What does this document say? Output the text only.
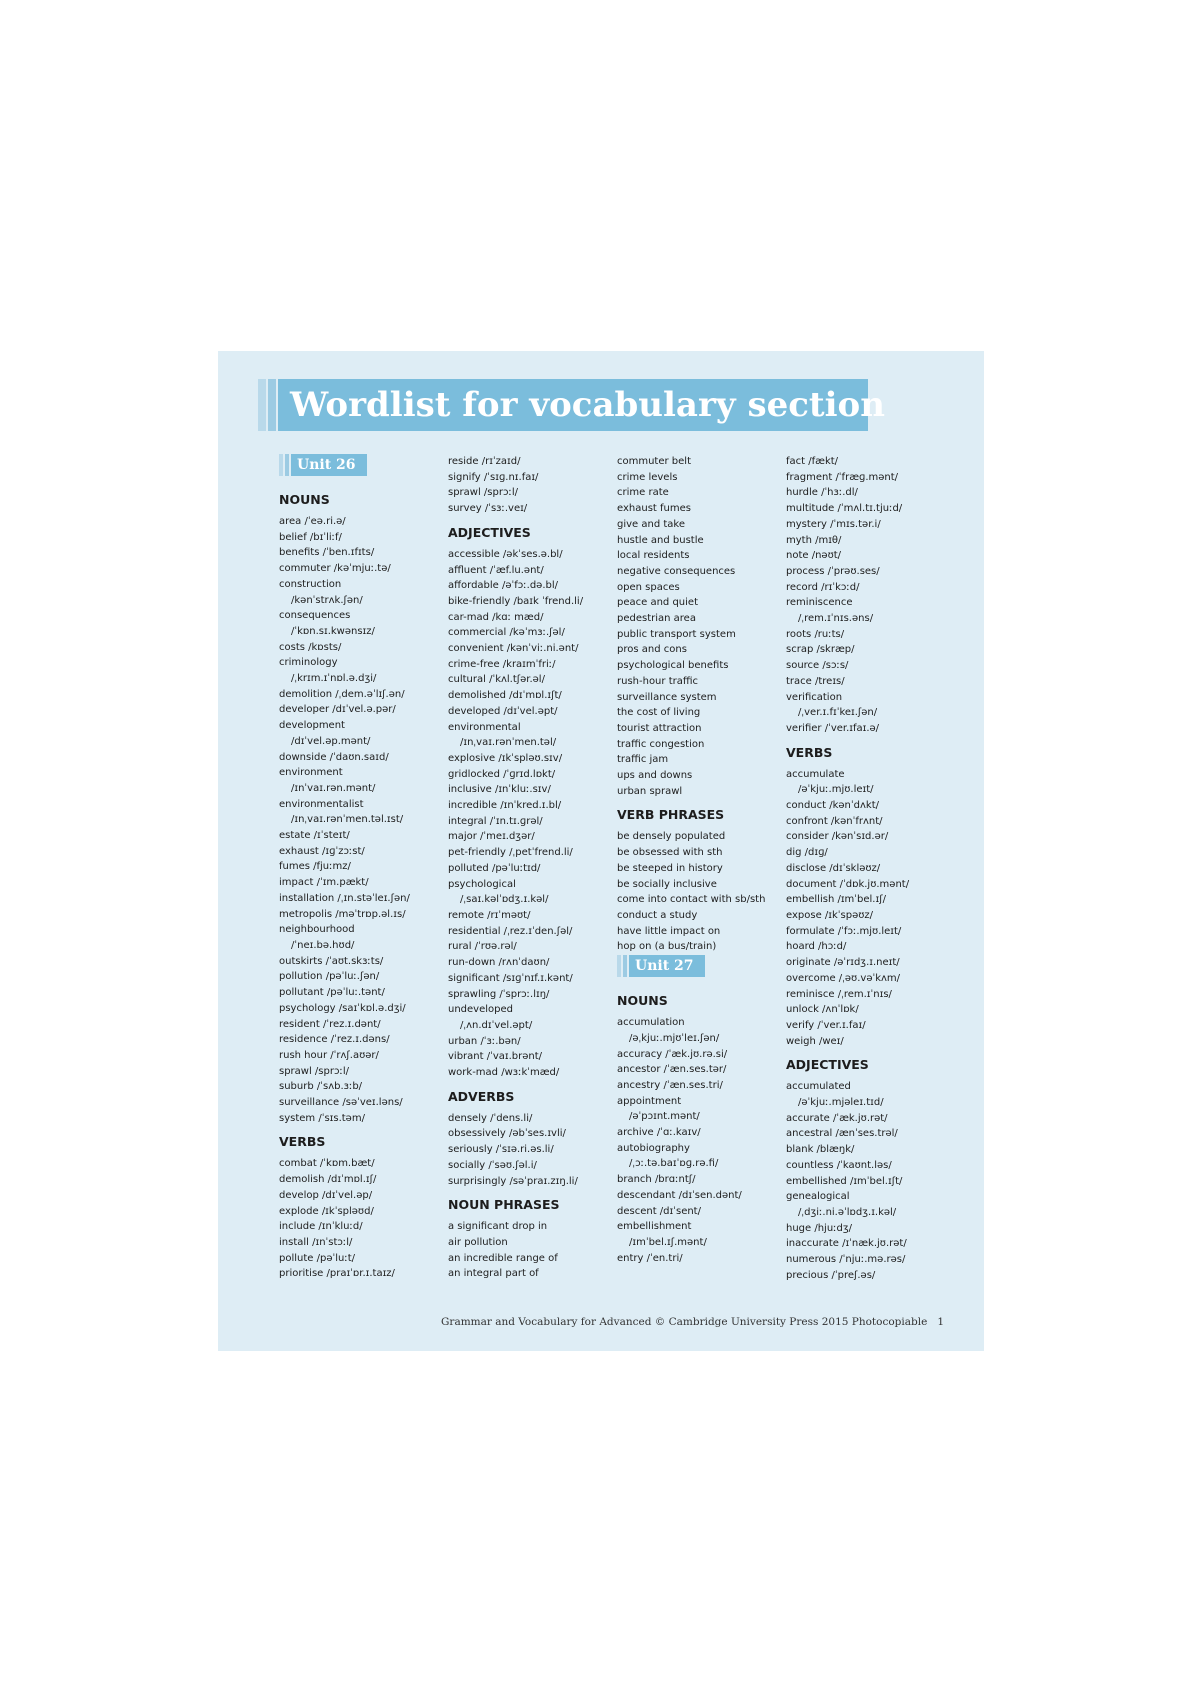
Wordlist for vocabulary section
Unit 26
NOUNS
area /ˈeə.ri.ə/
belief /bɪˈliːf/
benefits /ˈben.ɪfɪts/
commuter /kəˈmjuː.tə/
construction
/kənˈstrʌk.ʃən/
consequences
/ˈkɒn.sɪ.kwənsɪz/
costs /kɒsts/
criminology
/ˌkrɪm.ɪˈnɒl.ə.dʒi/
demolition /ˌdem.əˈlɪʃ.ən/
developer /dɪˈvel.ə.pər/
development
/dɪˈvel.əp.mənt/
downside /ˈdaʊn.saɪd/
environment
/ɪnˈvaɪ.rən.mənt/
environmentalist
/ɪnˌvaɪ.rənˈmen.təl.ɪst/
estate /ɪˈsteɪt/
exhaust /ɪɡˈzɔːst/
fumes /fjuːmz/
impact /ˈɪm.pækt/
installation /ˌɪn.stəˈleɪ.ʃən/
metropolis /məˈtrɒp.əl.ɪs/
neighbourhood
/ˈneɪ.bə.hʊd/
outskirts /ˈaʊt.skɜːts/
pollution /pəˈluː.ʃən/
pollutant /pəˈluː.tənt/
psychology /saɪˈkɒl.ə.dʒi/
resident /ˈrez.ɪ.dənt/
residence /ˈrez.ɪ.dəns/
rush hour /ˈrʌʃ.aʊər/
sprawl /sprɔːl/
suburb /ˈsʌb.ɜːb/
surveillance /səˈveɪ.ləns/
system /ˈsɪs.təm/
VERBS
combat /ˈkɒm.bæt/
demolish /dɪˈmɒl.ɪʃ/
develop /dɪˈvel.əp/
explode /ɪkˈspləʊd/
include /ɪnˈkluːd/
install /ɪnˈstɔːl/
pollute /pəˈluːt/
prioritise /praɪˈɒr.ɪ.taɪz/
reside /rɪˈzaɪd/
signify /ˈsɪɡ.nɪ.faɪ/
sprawl /sprɔːl/
survey /ˈsɜː.veɪ/
ADJECTIVES
accessible /əkˈses.ə.bl/
affluent /ˈæf.lu.ənt/
affordable /əˈfɔː.də.bl/
bike-friendly /baɪk ˈfrend.li/
car-mad /kɑː mæd/
commercial /kəˈmɜː.ʃəl/
convenient /kənˈviː.ni.ənt/
crime-free /kraɪmˈfriː/
cultural /ˈkʌl.tʃər.əl/
demolished /dɪˈmɒl.ɪʃt/
developed /dɪˈvel.əpt/
environmental
/ɪnˌvaɪ.rənˈmen.təl/
explosive /ɪkˈspləʊ.sɪv/
gridlocked /ˈɡrɪd.lɒkt/
inclusive /ɪnˈkluː.sɪv/
incredible /ɪnˈkred.ɪ.bl/
integral /ˈɪn.tɪ.ɡrəl/
major /ˈmeɪ.dʒər/
pet-friendly /ˌpetˈfrend.li/
polluted /pəˈluːtɪd/
psychological
/ˌsaɪ.kəlˈɒdʒ.ɪ.kəl/
remote /rɪˈməʊt/
residential /ˌrez.ɪˈden.ʃəl/
rural /ˈrʊə.rəl/
run-down /rʌnˈdaʊn/
significant /sɪɡˈnɪf.ɪ.kənt/
sprawling /ˈsprɔː.lɪŋ/
undeveloped
/ˌʌn.dɪˈvel.əpt/
urban /ˈɜː.bən/
vibrant /ˈvaɪ.brənt/
work-mad /wɜːkˈmæd/
ADVERBS
densely /ˈdens.li/
obsessively /əbˈses.ɪvli/
seriously /ˈsɪə.ri.əs.li/
socially /ˈsəʊ.ʃəl.i/
surprisingly /səˈpraɪ.zɪŋ.li/
NOUN PHRASES
a significant drop in
air pollution
an incredible range of
an integral part of
commuter belt
crime levels
crime rate
exhaust fumes
give and take
hustle and bustle
local residents
negative consequences
open spaces
peace and quiet
pedestrian area
public transport system
pros and cons
psychological benefits
rush-hour traffic
surveillance system
the cost of living
tourist attraction
traffic congestion
traffic jam
ups and downs
urban sprawl
VERB PHRASES
be densely populated
be obsessed with sth
be steeped in history
be socially inclusive
come into contact with sb/sth
conduct a study
have little impact on
hop on (a bus/train)
Unit 27
NOUNS
accumulation
/əˌkjuː.mjʊˈleɪ.ʃən/
accuracy /ˈæk.jʊ.rə.si/
ancestor /ˈæn.ses.tər/
ancestry /ˈæn.ses.tri/
appointment
/əˈpɔɪnt.mənt/
archive /ˈɑː.kaɪv/
autobiography
/ˌɔː.tə.baɪˈɒɡ.rə.fi/
branch /brɑːntʃ/
descendant /dɪˈsen.dənt/
descent /dɪˈsent/
embellishment
/ɪmˈbel.ɪʃ.mənt/
entry /ˈen.tri/
fact /fækt/
fragment /ˈfræɡ.mənt/
hurdle /ˈhɜː.dl/
multitude /ˈmʌl.tɪ.tjuːd/
mystery /ˈmɪs.tər.i/
myth /mɪθ/
note /nəʊt/
process /ˈprəʊ.ses/
record /rɪˈkɔːd/
reminiscence
/ˌrem.ɪˈnɪs.əns/
roots /ruːts/
scrap /skræp/
source /sɔːs/
trace /treɪs/
verification
/ˌver.ɪ.fɪˈkeɪ.ʃən/
verifier /ˈver.ɪfaɪ.ə/
VERBS
accumulate
/əˈkjuː.mjʊ.leɪt/
conduct /kənˈdʌkt/
confront /kənˈfrʌnt/
consider /kənˈsɪd.ər/
dig /dɪɡ/
disclose /dɪˈskləʊz/
document /ˈdɒk.jʊ.mənt/
embellish /ɪmˈbel.ɪʃ/
expose /ɪkˈspəʊz/
formulate /ˈfɔː.mjʊ.leɪt/
hoard /hɔːd/
originate /əˈrɪdʒ.ɪ.neɪt/
overcome /ˌəʊ.vəˈkʌm/
reminisce /ˌrem.ɪˈnɪs/
unlock /ʌnˈlɒk/
verify /ˈver.ɪ.faɪ/
weigh /weɪ/
ADJECTIVES
accumulated
/əˈkjuː.mjəleɪ.tɪd/
accurate /ˈæk.jʊ.rət/
ancestral /ænˈses.trəl/
blank /blæŋk/
countless /ˈkaʊnt.ləs/
embellished /ɪmˈbel.ɪʃt/
genealogical
/ˌdʒiː.ni.əˈlɒdʒ.ɪ.kəl/
huge /hjuːdʒ/
inaccurate /ɪˈnæk.jʊ.rət/
numerous /ˈnjuː.mə.rəs/
precious /ˈpreʃ.əs/
Grammar and Vocabulary for Advanced © Cambridge University Press 2015 Photocopiable 1
